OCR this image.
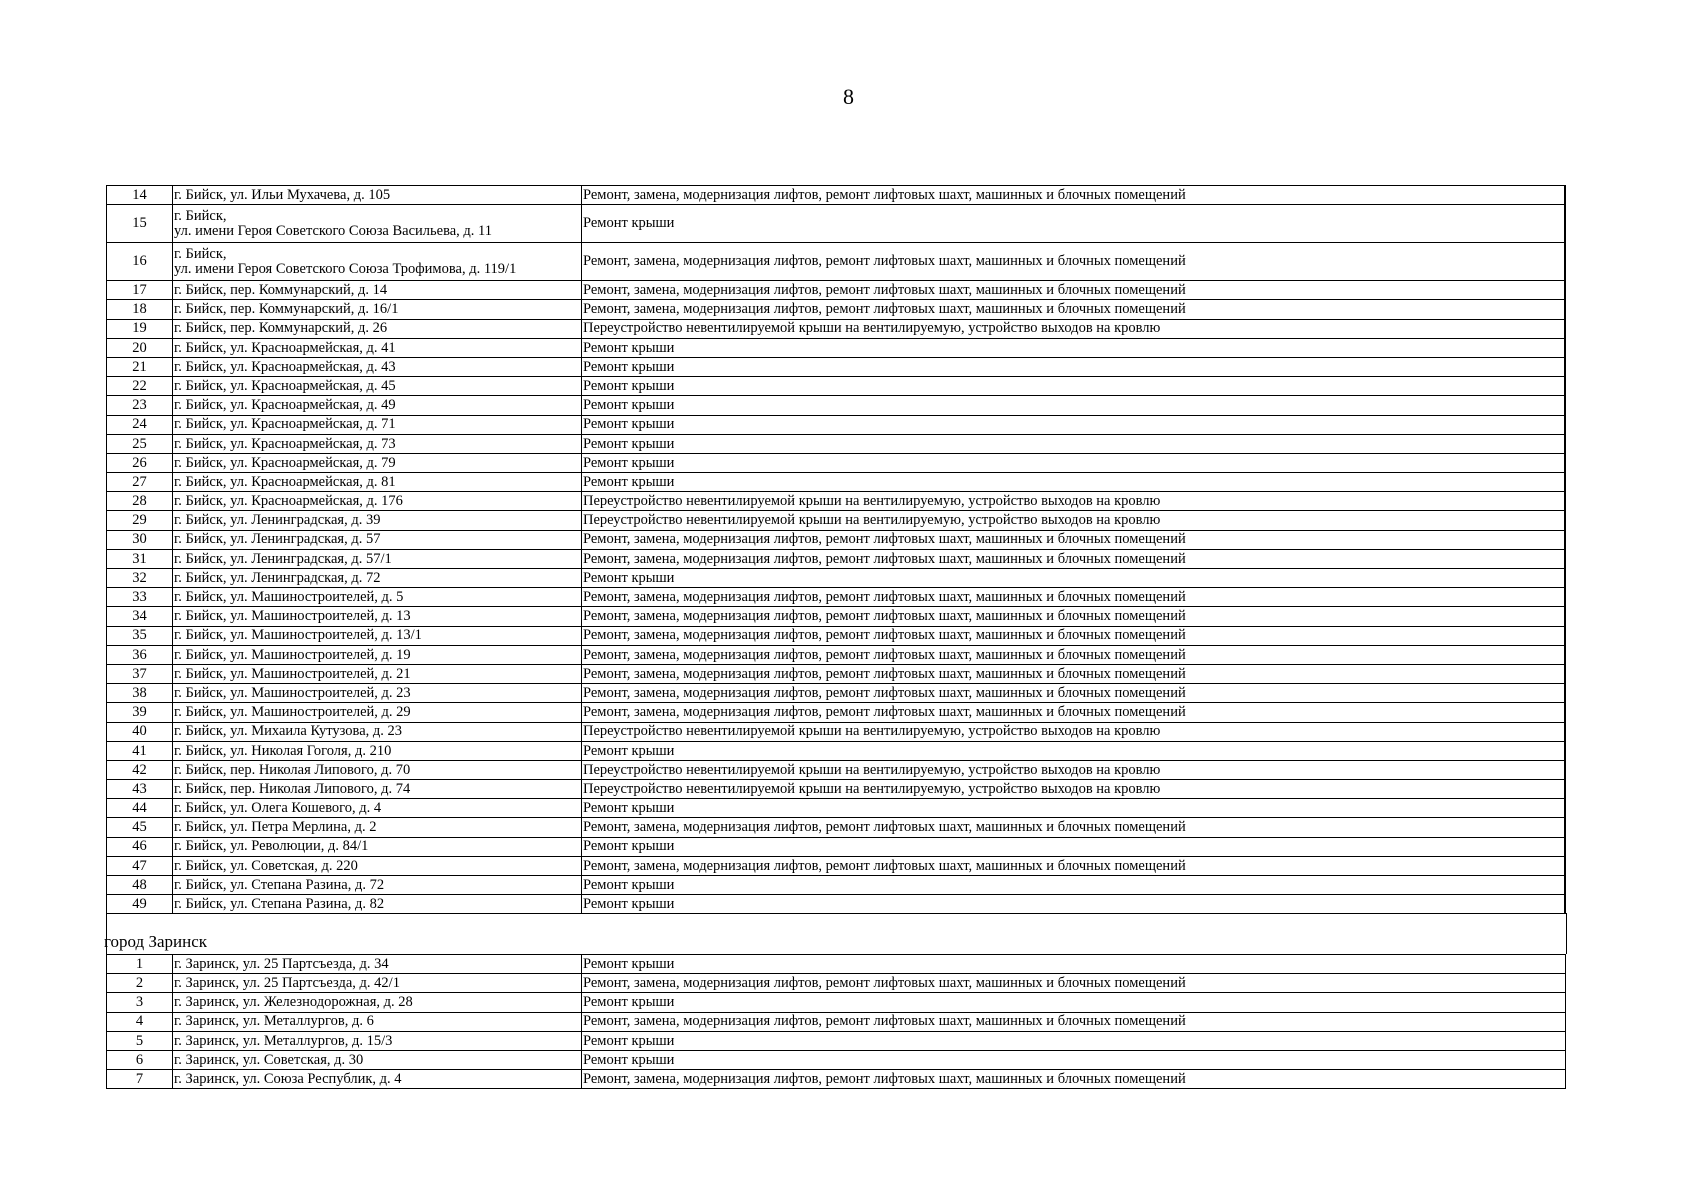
8
14	г. Бийск, ул. Ильи Мухачева, д. 105	Ремонт, замена, модернизация лифтов, ремонт лифтовых шахт, машинных и блочных помещений
15	г. Бийск,
ул. имени Героя Советского Союза Васильева, д. 11	Ремонт крыши
16	г. Бийск,
ул. имени Героя Советского Союза Трофимова, д. 119/1	Ремонт, замена, модернизация лифтов, ремонт лифтовых шахт, машинных и блочных помещений
17	г. Бийск, пер. Коммунарский, д. 14	Ремонт, замена, модернизация лифтов, ремонт лифтовых шахт, машинных и блочных помещений
18	г. Бийск, пер. Коммунарский, д. 16/1	Ремонт, замена, модернизация лифтов, ремонт лифтовых шахт, машинных и блочных помещений
19	г. Бийск, пер. Коммунарский, д. 26	Переустройство невентилируемой крыши на вентилируемую, устройство выходов на кровлю
20	г. Бийск, ул. Красноармейская, д. 41	Ремонт крыши
21	г. Бийск, ул. Красноармейская, д. 43	Ремонт крыши
22	г. Бийск, ул. Красноармейская, д. 45	Ремонт крыши
23	г. Бийск, ул. Красноармейская, д. 49	Ремонт крыши
24	г. Бийск, ул. Красноармейская, д. 71	Ремонт крыши
25	г. Бийск, ул. Красноармейская, д. 73	Ремонт крыши
26	г. Бийск, ул. Красноармейская, д. 79	Ремонт крыши
27	г. Бийск, ул. Красноармейская, д. 81	Ремонт крыши
28	г. Бийск, ул. Красноармейская, д. 176	Переустройство невентилируемой крыши на вентилируемую, устройство выходов на кровлю
29	г. Бийск, ул. Ленинградская, д. 39	Переустройство невентилируемой крыши на вентилируемую, устройство выходов на кровлю
30	г. Бийск, ул. Ленинградская, д. 57	Ремонт, замена, модернизация лифтов, ремонт лифтовых шахт, машинных и блочных помещений
31	г. Бийск, ул. Ленинградская, д. 57/1	Ремонт, замена, модернизация лифтов, ремонт лифтовых шахт, машинных и блочных помещений
32	г. Бийск, ул. Ленинградская, д. 72	Ремонт крыши
33	г. Бийск, ул. Машиностроителей, д. 5	Ремонт, замена, модернизация лифтов, ремонт лифтовых шахт, машинных и блочных помещений
34	г. Бийск, ул. Машиностроителей, д. 13	Ремонт, замена, модернизация лифтов, ремонт лифтовых шахт, машинных и блочных помещений
35	г. Бийск, ул. Машиностроителей, д. 13/1	Ремонт, замена, модернизация лифтов, ремонт лифтовых шахт, машинных и блочных помещений
36	г. Бийск, ул. Машиностроителей, д. 19	Ремонт, замена, модернизация лифтов, ремонт лифтовых шахт, машинных и блочных помещений
37	г. Бийск, ул. Машиностроителей, д. 21	Ремонт, замена, модернизация лифтов, ремонт лифтовых шахт, машинных и блочных помещений
38	г. Бийск, ул. Машиностроителей, д. 23	Ремонт, замена, модернизация лифтов, ремонт лифтовых шахт, машинных и блочных помещений
39	г. Бийск, ул. Машиностроителей, д. 29	Ремонт, замена, модернизация лифтов, ремонт лифтовых шахт, машинных и блочных помещений
40	г. Бийск, ул. Михаила Кутузова, д. 23	Переустройство невентилируемой крыши на вентилируемую, устройство выходов на кровлю
41	г. Бийск, ул. Николая Гоголя, д. 210	Ремонт крыши
42	г. Бийск, пер. Николая Липового, д. 70	Переустройство невентилируемой крыши на вентилируемую, устройство выходов на кровлю
43	г. Бийск, пер. Николая Липового, д. 74	Переустройство невентилируемой крыши на вентилируемую, устройство выходов на кровлю
44	г. Бийск, ул. Олега Кошевого, д. 4	Ремонт крыши
45	г. Бийск, ул. Петра Мерлина, д. 2	Ремонт, замена, модернизация лифтов, ремонт лифтовых шахт, машинных и блочных помещений
46	г. Бийск, ул. Революции, д. 84/1	Ремонт крыши
47	г. Бийск, ул. Советская, д. 220	Ремонт, замена, модернизация лифтов, ремонт лифтовых шахт, машинных и блочных помещений
48	г. Бийск, ул. Степана Разина, д. 72	Ремонт крыши
49	г. Бийск, ул. Степана Разина, д. 82	Ремонт крыши
город Заринск
1	г. Заринск, ул. 25 Партсъезда, д. 34	Ремонт крыши
2	г. Заринск, ул. 25 Партсъезда, д. 42/1	Ремонт, замена, модернизация лифтов, ремонт лифтовых шахт, машинных и блочных помещений
3	г. Заринск, ул. Железнодорожная, д. 28	Ремонт крыши
4	г. Заринск, ул. Металлургов, д. 6	Ремонт, замена, модернизация лифтов, ремонт лифтовых шахт, машинных и блочных помещений
5	г. Заринск, ул. Металлургов, д. 15/3	Ремонт крыши
6	г. Заринск, ул. Советская, д. 30	Ремонт крыши
7	г. Заринск, ул. Союза Республик, д. 4	Ремонт, замена, модернизация лифтов, ремонт лифтовых шахт, машинных и блочных помещений
